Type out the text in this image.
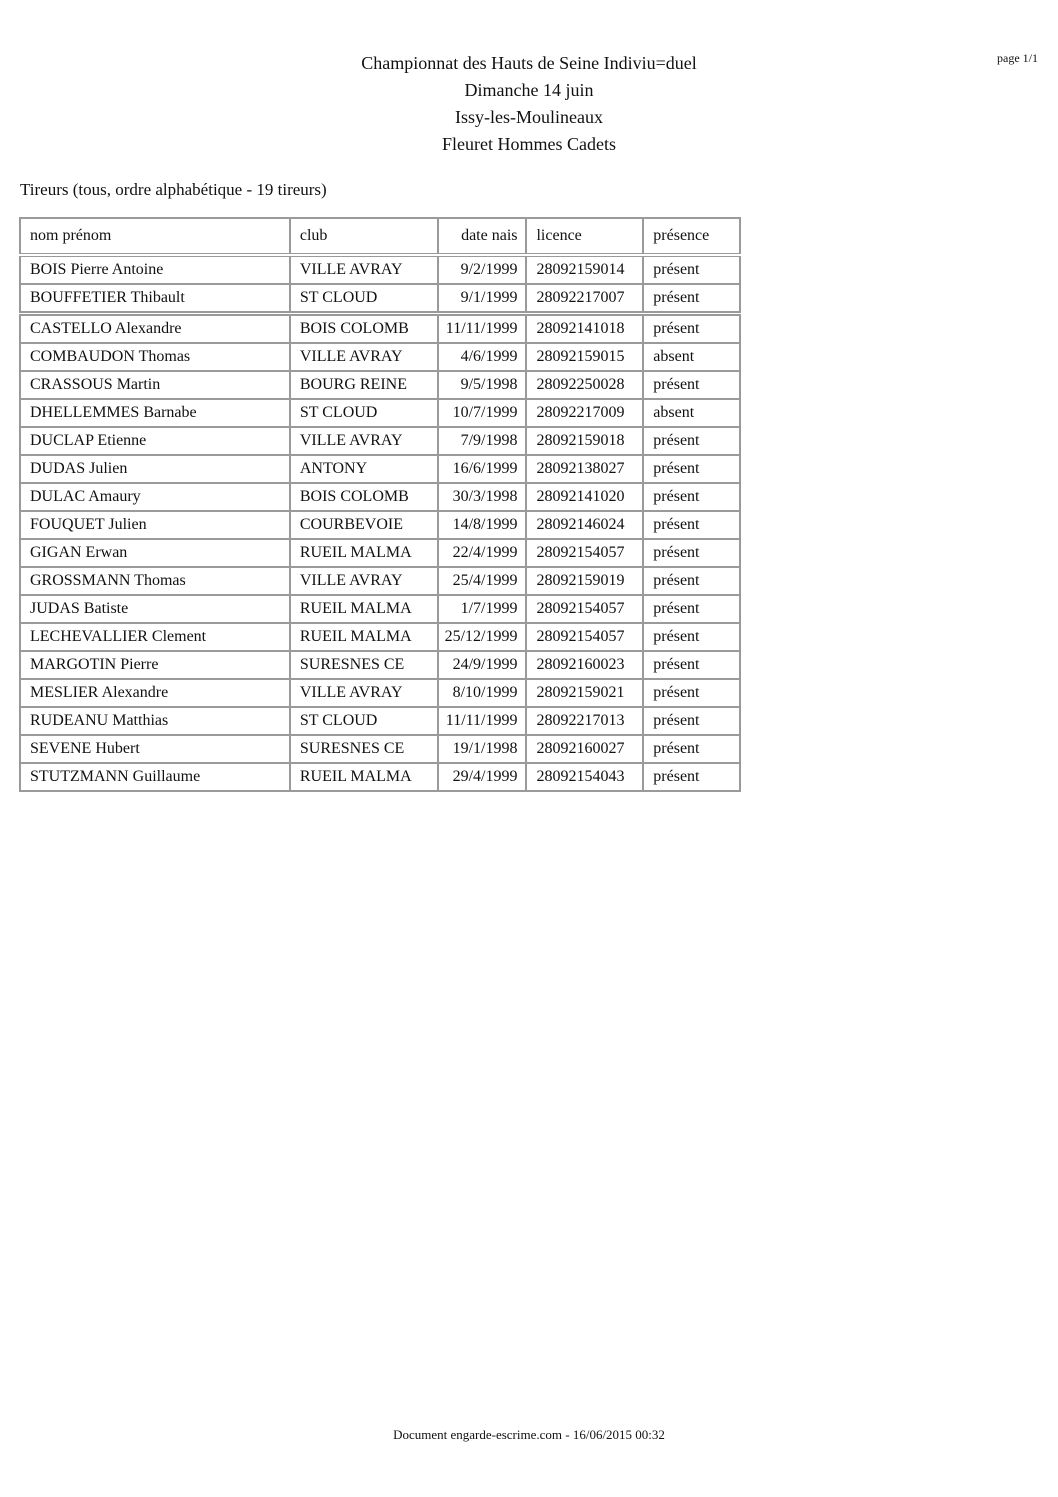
Championnat des Hauts de Seine Indiviu=duel
Dimanche 14 juin
Issy-les-Moulineaux
Fleuret Hommes Cadets
page 1/1
Tireurs (tous, ordre alphabétique - 19 tireurs)
nom prénom	club	date nais	licence	présence
BOIS Pierre Antoine	VILLE AVRAY	9/2/1999	28092159014	présent
BOUFFETIER Thibault	ST CLOUD	9/1/1999	28092217007	présent
CASTELLO Alexandre	BOIS COLOMB	11/11/1999	28092141018	présent
COMBAUDON Thomas	VILLE AVRAY	4/6/1999	28092159015	absent
CRASSOUS Martin	BOURG REINE	9/5/1998	28092250028	présent
DHELLEMMES Barnabe	ST CLOUD	10/7/1999	28092217009	absent
DUCLAP Etienne	VILLE AVRAY	7/9/1998	28092159018	présent
DUDAS Julien	ANTONY	16/6/1999	28092138027	présent
DULAC Amaury	BOIS COLOMB	30/3/1998	28092141020	présent
FOUQUET Julien	COURBEVOIE	14/8/1999	28092146024	présent
GIGAN Erwan	RUEIL MALMA	22/4/1999	28092154057	présent
GROSSMANN Thomas	VILLE AVRAY	25/4/1999	28092159019	présent
JUDAS Batiste	RUEIL MALMA	1/7/1999	28092154057	présent
LECHEVALLIER Clement	RUEIL MALMA	25/12/1999	28092154057	présent
MARGOTIN Pierre	SURESNES CE	24/9/1999	28092160023	présent
MESLIER Alexandre	VILLE AVRAY	8/10/1999	28092159021	présent
RUDEANU Matthias	ST CLOUD	11/11/1999	28092217013	présent
SEVENE Hubert	SURESNES CE	19/1/1998	28092160027	présent
STUTZMANN Guillaume	RUEIL MALMA	29/4/1999	28092154043	présent
Document engarde-escrime.com - 16/06/2015 00:32
